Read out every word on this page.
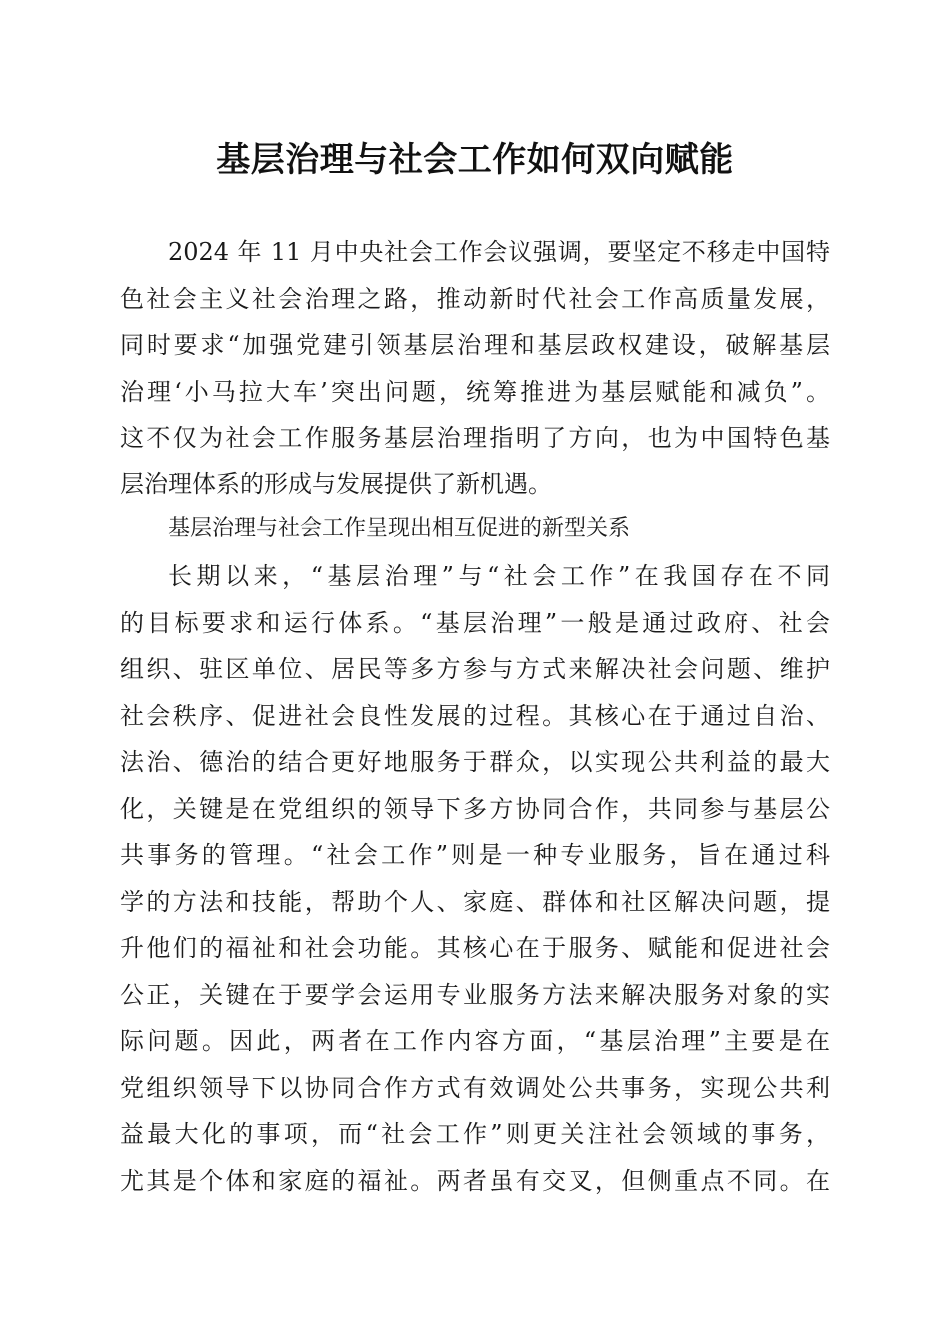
基层治理与社会工作如何双向赋能
2024 年 11 月中央社会工作会议强调，要坚定不移走中国特
色社会主义社会治理之路，推动新时代社会工作高质量发展，
同时要求“加强党建引领基层治理和基层政权建设，破解基层
治理‘小马拉大车’突出问题，统筹推进为基层赋能和减负”。
这不仅为社会工作服务基层治理指明了方向，也为中国特色基
层治理体系的形成与发展提供了新机遇。
基层治理与社会工作呈现出相互促进的新型关系
长期以来，“基层治理”与“社会工作”在我国存在不同
的目标要求和运行体系。“基层治理”一般是通过政府、社会
组织、驻区单位、居民等多方参与方式来解决社会问题、维护
社会秩序、促进社会良性发展的过程。其核心在于通过自治、
法治、德治的结合更好地服务于群众，以实现公共利益的最大
化，关键是在党组织的领导下多方协同合作，共同参与基层公
共事务的管理。“社会工作”则是一种专业服务，旨在通过科
学的方法和技能，帮助个人、家庭、群体和社区解决问题，提
升他们的福祉和社会功能。其核心在于服务、赋能和促进社会
公正，关键在于要学会运用专业服务方法来解决服务对象的实
际问题。因此，两者在工作内容方面，“基层治理”主要是在
党组织领导下以协同合作方式有效调处公共事务，实现公共利
益最大化的事项，而“社会工作”则更关注社会领域的事务，
尤其是个体和家庭的福祉。两者虽有交叉，但侧重点不同。在
